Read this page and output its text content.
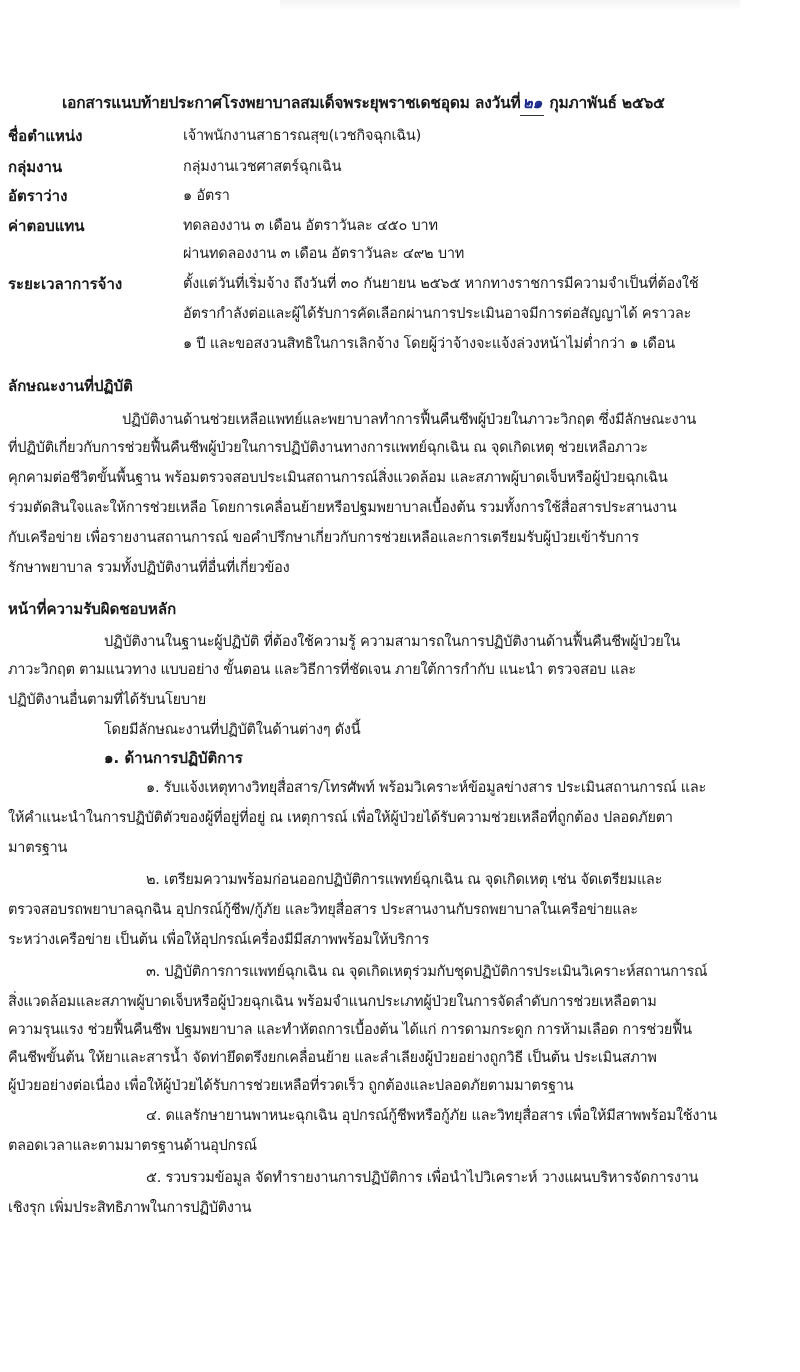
เอกสารแนบท้ายประกาศโรงพยาบาลสมเด็จพระยุพราชเดชอุดม ลงวันที่ ๒๑ กุมภาพันธ์ ๒๕๖๕
ชื่อตำแหน่ง	เจ้าพนักงานสาธารณสุข(เวชกิจฉุกเฉิน)
กลุ่มงาน	กลุ่มงานเวชศาสตร์ฉุกเฉิน
อัตราว่าง	๑ อัตรา
ค่าตอบแทน	ทดลองงาน ๓ เดือน อัตราวันละ ๔๕๐ บาท
ผ่านทดลองงาน ๓ เดือน อัตราวันละ ๔๙๒ บาท
ระยะเวลาการจ้าง	ตั้งแต่วันที่เริ่มจ้าง ถึงวันที่ ๓๐ กันยายน ๒๕๖๕ หากทางราชการมีความจำเป็นที่ต้องใช้
อัตรากำลังต่อและผู้ได้รับการคัดเลือกผ่านการประเมินอาจมีการต่อสัญญาได้ คราวละ
๑ ปี และขอสงวนสิทธิในการเลิกจ้าง โดยผู้ว่าจ้างจะแจ้งล่วงหน้าไม่ต่ำกว่า ๑ เดือน
ลักษณะงานที่ปฏิบัติ
ปฏิบัติงานด้านช่วยเหลือแพทย์และพยาบาลทำการฟื้นคืนชีพผู้ป่วยในภาวะวิกฤต ซึ่งมีลักษณะงาน
ที่ปฏิบัติเกี่ยวกับการช่วยฟื้นคืนชีพผู้ป่วยในการปฏิบัติงานทางการแพทย์ฉุกเฉิน ณ จุดเกิดเหตุ ช่วยเหลือภาวะ
คุกคามต่อชีวิตขั้นพื้นฐาน พร้อมตรวจสอบประเมินสถานการณ์สิ่งแวดล้อม และสภาพผู้บาดเจ็บหรือผู้ป่วยฉุกเฉิน
ร่วมตัดสินใจและให้การช่วยเหลือ โดยการเคลื่อนย้ายหรือปฐมพยาบาลเบื้องต้น รวมทั้งการใช้สื่อสารประสานงาน
กับเครือข่าย เพื่อรายงานสถานการณ์ ขอคำปรึกษาเกี่ยวกับการช่วยเหลือและการเตรียมรับผู้ป่วยเข้ารับการ
รักษาพยาบาล รวมทั้งปฏิบัติงานที่อื่นที่เกี่ยวข้อง
หน้าที่ความรับผิดชอบหลัก
ปฏิบัติงานในฐานะผู้ปฏิบัติ ที่ต้องใช้ความรู้ ความสามารถในการปฏิบัติงานด้านฟื้นคืนชีพผู้ป่วยใน
ภาวะวิกฤต ตามแนวทาง แบบอย่าง ขั้นตอน และวิธีการที่ชัดเจน ภายใต้การกำกับ แนะนำ ตรวจสอบ และ
ปฏิบัติงานอื่นตามที่ได้รับนโยบาย
โดยมีลักษณะงานที่ปฏิบัติในด้านต่างๆ ดังนี้
๑. ด้านการปฏิบัติการ
๑. รับแจ้งเหตุทางวิทยุสื่อสาร/โทรศัพท์ พร้อมวิเคราะห์ข้อมูลข่างสาร ประเมินสถานการณ์ และ
ให้คำแนะนำในการปฏิบัติตัวของผู้ที่อยู่ที่อยู่ ณ เหตุการณ์ เพื่อให้ผู้ป่วยได้รับความช่วยเหลือที่ถูกต้อง ปลอดภัยตา
มาตรฐาน
๒. เตรียมความพร้อมก่อนออกปฏิบัติการแพทย์ฉุกเฉิน ณ จุดเกิดเหตุ เช่น จัดเตรียมและ
ตรวจสอบรถพยาบาลฉุกฉิน อุปกรณ์กู้ชีพ/กู้ภัย และวิทยุสื่อสาร ประสานงานกับรถพยาบาลในเครือข่ายและ
ระหว่างเครือข่าย เป็นต้น เพื่อให้อุปกรณ์เครื่องมีมีสภาพพร้อมให้บริการ
๓. ปฏิบัติการการแพทย์ฉุกเฉิน ณ จุดเกิดเหตุร่วมกับชุดปฏิบัติการประเมินวิเคราะห์สถานการณ์
สิ่งแวดล้อมและสภาพผู้บาดเจ็บหรือผู้ป่วยฉุกเฉิน พร้อมจำแนกประเภทผู้ป่วยในการจัดลำดับการช่วยเหลือตาม
ความรุนแรง ช่วยฟื้นคืนชีพ ปฐมพยาบาล และทำหัตถการเบื้องต้น ได้แก่ การดามกระดูก การห้ามเลือด การช่วยฟื้น
คืนชีพขั้นต้น ให้ยาและสารน้ำ จัดท่ายึดตรึงยกเคลื่อนย้าย และลำเลียงผู้ป่วยอย่างถูกวิธี เป็นต้น ประเมินสภาพ
ผู้ป่วยอย่างต่อเนื่อง เพื่อให้ผู้ป่วยได้รับการช่วยเหลือที่รวดเร็ว ถูกต้องและปลอดภัยตามมาตรฐาน
๔. ดแลรักษายานพาหนะฉุกเฉิน อุปกรณ์กู้ชีพหรือกู้ภัย และวิทยุสื่อสาร เพื่อให้มีสาพพร้อมใช้งาน
ตลอดเวลาและตามมาตรฐานด้านอุปกรณ์
๕. รวบรวมข้อมูล จัดทำรายงานการปฏิบัติการ เพื่อนำไปวิเคราะห์ วางแผนบริหารจัดการงาน
เชิงรุก เพิ่มประสิทธิภาพในการปฏิบัติงาน
